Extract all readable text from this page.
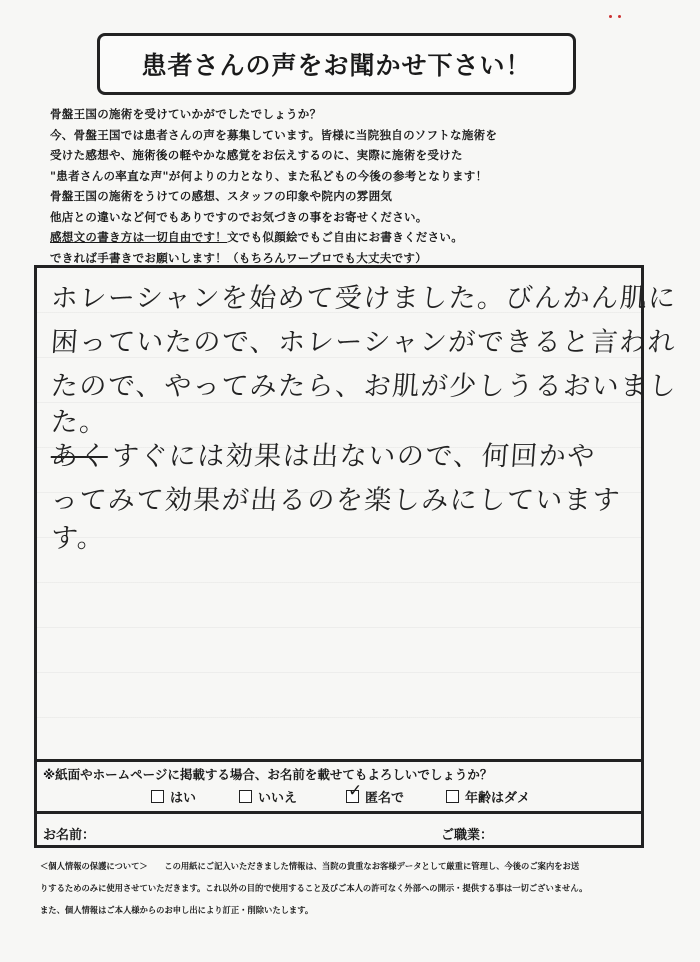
患者さんの声をお聞かせ下さい！
骨盤王国の施術を受けていかがでしたでしょうか？
今、骨盤王国では患者さんの声を募集しています。皆様に当院独自のソフトな施術を
受けた感想や、施術後の軽やかな感覚をお伝えするのに、実際に施術を受けた
"患者さんの率直な声"が何よりの力となり、また私どもの今後の参考となります！
骨盤王国の施術をうけての感想、スタッフの印象や院内の雰囲気
他店との違いなど何でもありですのでお気づきの事をお寄せください。
感想文の書き方は一切自由です！文でも似顔絵でもご自由にお書きください。
できれば手書きでお願いします！（もちろんワープロでも大丈夫です）
ホレーシャンを始めて受けました。びんかん肌に
困っていたので、ホレーシャンができると言われ
たので、やってみたら、お肌が少しうるおいまし
た。
あくすぐには効果は出ないので、何回かや
ってみて効果が出るのを楽しみにしています
す。
※紙面やホームページに掲載する場合、お名前を載せてもよろしいでしょうか？
はい	いいえ	✓ 匿名で	年齢はダメ
お名前：	ご職業：
＜個人情報の保護について＞　　この用紙にご記入いただきました情報は、当院の貴重なお客様データとして厳重に管理し、今後のご案内をお送
りするためのみに使用させていただきます。これ以外の目的で使用すること及びご本人の許可なく外部への開示・提供する事は一切ございません。
また、個人情報はご本人様からのお申し出により訂正・削除いたします。
